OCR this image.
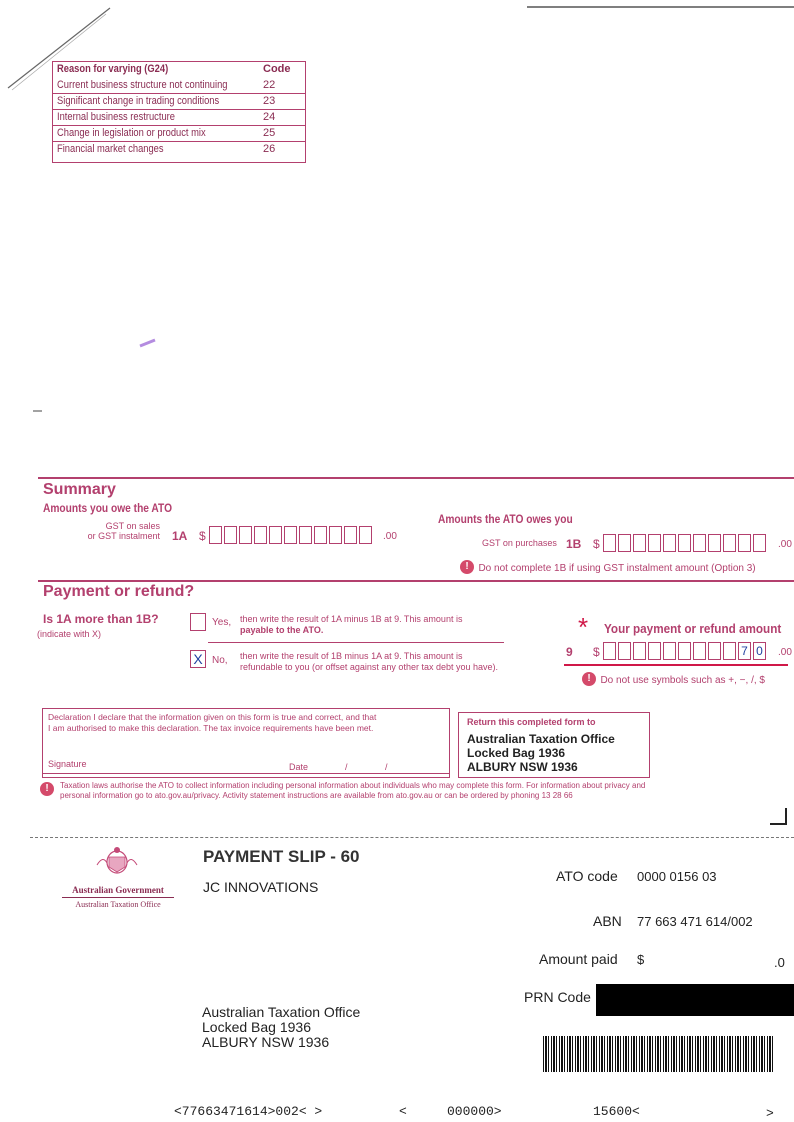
Reason for varying (G24)	Code
Current business structure not continuing	22
Significant change in trading conditions	23
Internal business restructure	24
Change in legislation or product mix	25
Financial market changes	26
Summary
Amounts you owe the ATO
GST on sales
or GST instalment 1A $	.00
Amounts the ATO owes you
GST on purchases 1B $	.00
! Do not complete 1B if using GST instalment amount (Option 3)
Payment or refund?
Is 1A more than 1B?
(indicate with X)
Yes, then write the result of 1A minus 1B at 9. This amount is
payable to the ATO.
X No, then write the result of 1B minus 1A at 9. This amount is
refundable to you (or offset against any other tax debt you have).
* Your payment or refund amount
9 $	7 0	.00
! Do not use symbols such as +, −, /, $
Declaration I declare that the information given on this form is true and correct, and that
I am authorised to make this declaration. The tax invoice requirements have been met.
Signature	Date	/	/
Return this completed form to
Australian Taxation Office
Locked Bag 1936
ALBURY NSW 1936
!	Taxation laws authorise the ATO to collect information including personal information about individuals who may complete this form. For information about privacy and
personal information go to ato.gov.au/privacy. Activity statement instructions are available from ato.gov.au or can be ordered by phoning 13 28 66
Australian Government
Australian Taxation Office
PAYMENT SLIP - 60
JC INNOVATIONS
ATO code 0000 0156 03
ABN 77 663 471 614/002
Amount paid $	.0
PRN Code
Australian Taxation Office
Locked Bag 1936
ALBURY NSW 1936
<77663471614>002< >	<	000000>	15600<	>
